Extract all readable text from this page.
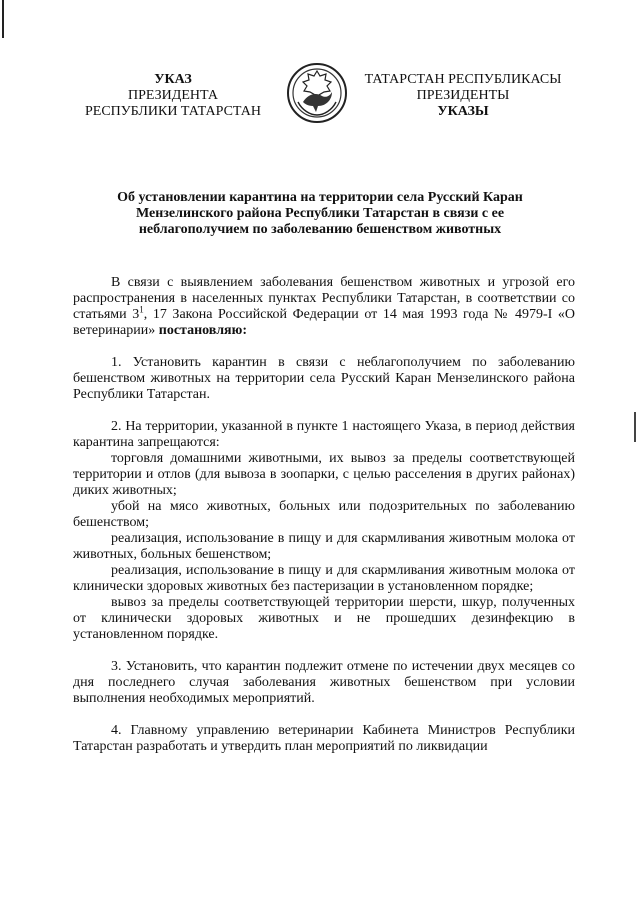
УКАЗ
ПРЕЗИДЕНТА
РЕСПУБЛИКИ ТАТАРСТАН
ТАТАРСТАН РЕСПУБЛИКАСЫ
ПРЕЗИДЕНТЫ
УКАЗЫ
Об установлении карантина на территории села Русский Каран Мензелинского района Республики Татарстан в связи с ее неблагополучием по заболеванию бешенством животных

В связи с выявлением заболевания бешенством животных и угрозой его распространения в населенных пунктах Республики Татарстан, в соответствии со статьями $3^1$, 17 Закона Российской Федерации от 14 мая 1993 года № 4979-I «О ветеринарии» постановляю:

1. Установить карантин в связи с неблагополучием по заболеванию бешенством животных на территории села Русский Каран Мензелинского района Республики Татарстан.

2. На территории, указанной в пункте 1 настоящего Указа, в период действия карантина запрещаются:

торговля домашними животными, их вывоз за пределы соответствующей территории и отлов (для вывоза в зоопарки, с целью расселения в других районах) диких животных;

убой на мясо животных, больных или подозрительных по заболеванию бешенством;

реализация, использование в пищу и для скармливания животным молока от животных, больных бешенством;

реализация, использование в пищу и для скармливания животным молока от клинически здоровых животных без пастеризации в установленном порядке;

вывоз за пределы соответствующей территории шерсти, шкур, полученных от клинически здоровых животных и не прошедших дезинфекцию в установленном порядке.

3. Установить, что карантин подлежит отмене по истечении двух месяцев со дня последнего случая заболевания животных бешенством при условии выполнения необходимых мероприятий.

4. Главному управлению ветеринарии Кабинета Министров Республики Татарстан разработать и утвердить план мероприятий по ликвидации
